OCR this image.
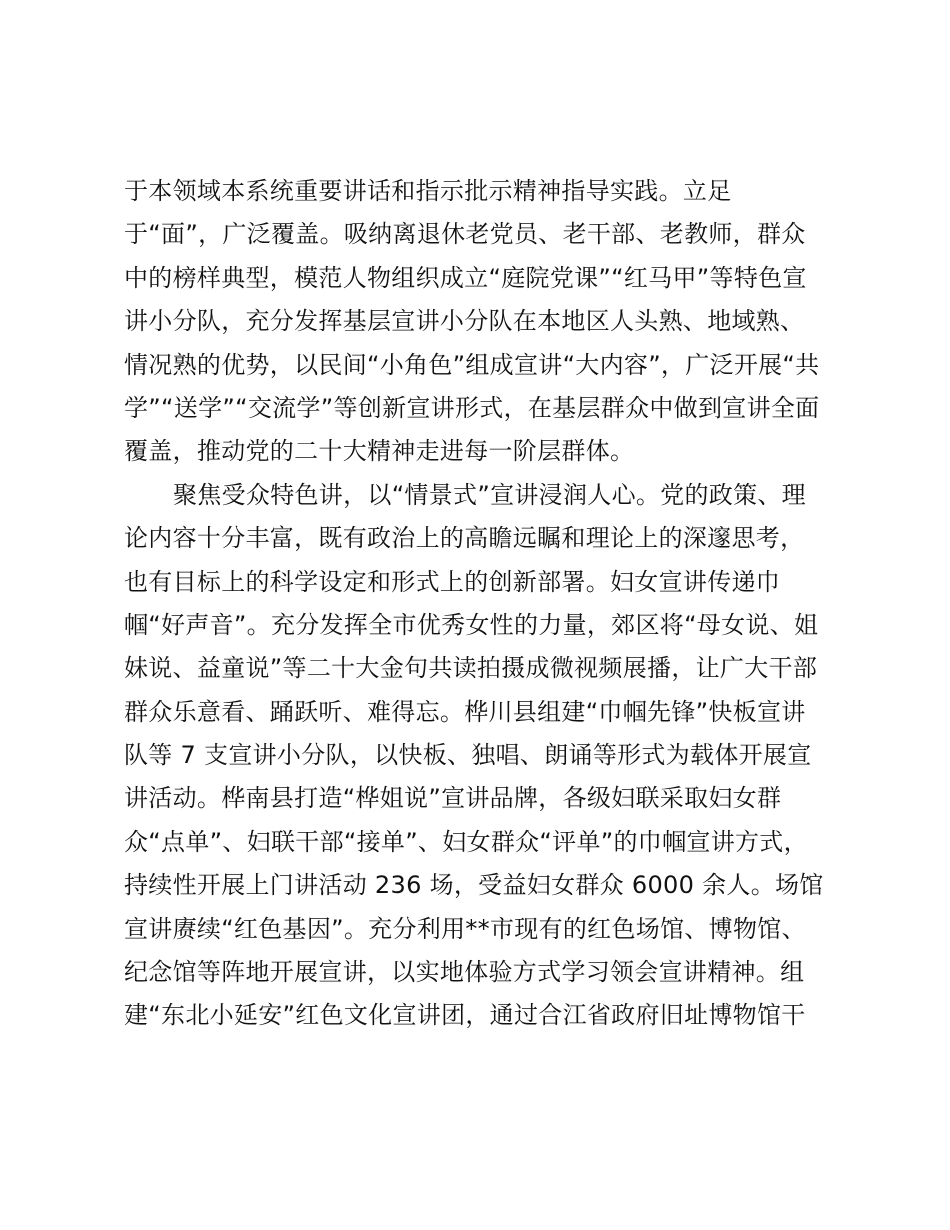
于本领域本系统重要讲话和指示批示精神指导实践。立足
于“面”，广泛覆盖。吸纳离退休老党员、老干部、老教师，群众
中的榜样典型，模范人物组织成立“庭院党课”“红马甲”等特色宣
讲小分队，充分发挥基层宣讲小分队在本地区人头熟、地域熟、
情况熟的优势，以民间“小角色”组成宣讲“大内容”，广泛开展“共
学”“送学”“交流学”等创新宣讲形式，在基层群众中做到宣讲全面
覆盖，推动党的二十大精神走进每一阶层群体。
聚焦受众特色讲，以“情景式”宣讲浸润人心。党的政策、理
论内容十分丰富，既有政治上的高瞻远瞩和理论上的深邃思考，
也有目标上的科学设定和形式上的创新部署。妇女宣讲传递巾
帼“好声音”。充分发挥全市优秀女性的力量，郊区将“母女说、姐
妹说、益童说”等二十大金句共读拍摄成微视频展播，让广大干部
群众乐意看、踊跃听、难得忘。桦川县组建“巾帼先锋”快板宣讲
队等 7 支宣讲小分队，以快板、独唱、朗诵等形式为载体开展宣
讲活动。桦南县打造“桦姐说”宣讲品牌，各级妇联采取妇女群
众“点单”、妇联干部“接单”、妇女群众“评单”的巾帼宣讲方式，
持续性开展上门讲活动 236 场，受益妇女群众 6000 余人。场馆
宣讲赓续“红色基因”。充分利用**市现有的红色场馆、博物馆、
纪念馆等阵地开展宣讲，以实地体验方式学习领会宣讲精神。组
建“东北小延安”红色文化宣讲团，通过合江省政府旧址博物馆干
